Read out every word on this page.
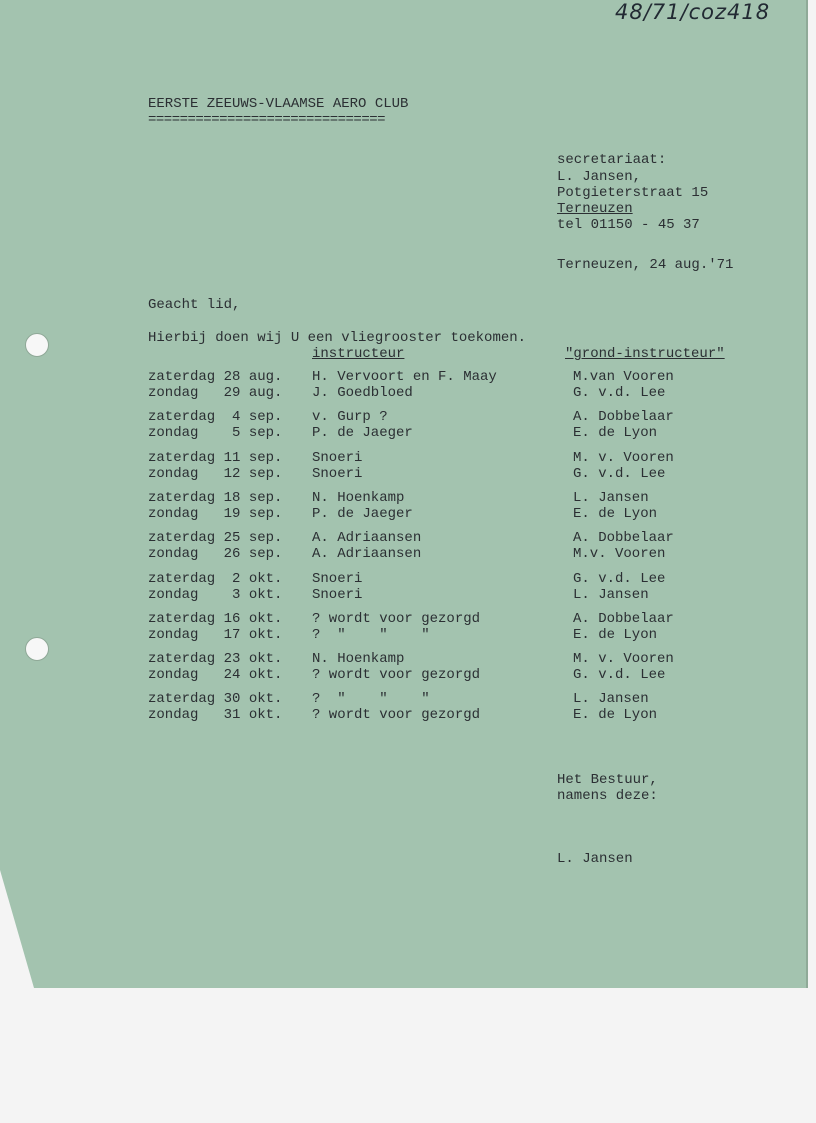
48/71/coz418
EERSTE ZEEUWS-VLAAMSE AERO CLUB
==============================
secretariaat:
L. Jansen,
Potgieterstraat 15
Terneuzen
tel 01150 - 45 37
Terneuzen, 24 aug.'71
Geacht lid,
Hierbij doen wij U een vliegrooster toekomen.
instructeur	"grond-instructeur"
zaterdag 28 aug. H. Vervoort en F. Maay	M.van Vooren
zondag   29 aug. J. Goedbloed	G. v.d. Lee
zaterdag  4 sep. v. Gurp ?	A. Dobbelaar
zondag    5 sep. P. de Jaeger	E. de Lyon
zaterdag 11 sep. Snoeri	M. v. Vooren
zondag   12 sep. Snoeri	G. v.d. Lee
zaterdag 18 sep. N. Hoenkamp	L. Jansen
zondag   19 sep. P. de Jaeger	E. de Lyon
zaterdag 25 sep. A. Adriaansen	A. Dobbelaar
zondag   26 sep. A. Adriaansen	M.v. Vooren
zaterdag  2 okt. Snoeri	G. v.d. Lee
zondag    3 okt. Snoeri	L. Jansen
zaterdag 16 okt. ? wordt voor gezorgd	A. Dobbelaar
zondag   17 okt. ?  "    "    "	E. de Lyon
zaterdag 23 okt. N. Hoenkamp	M. v. Vooren
zondag   24 okt. ? wordt voor gezorgd	G. v.d. Lee
zaterdag 30 okt. ?  "    "    "	L. Jansen
zondag   31 okt. ? wordt voor gezorgd	E. de Lyon
Het Bestuur,
namens deze:
L. Jansen
